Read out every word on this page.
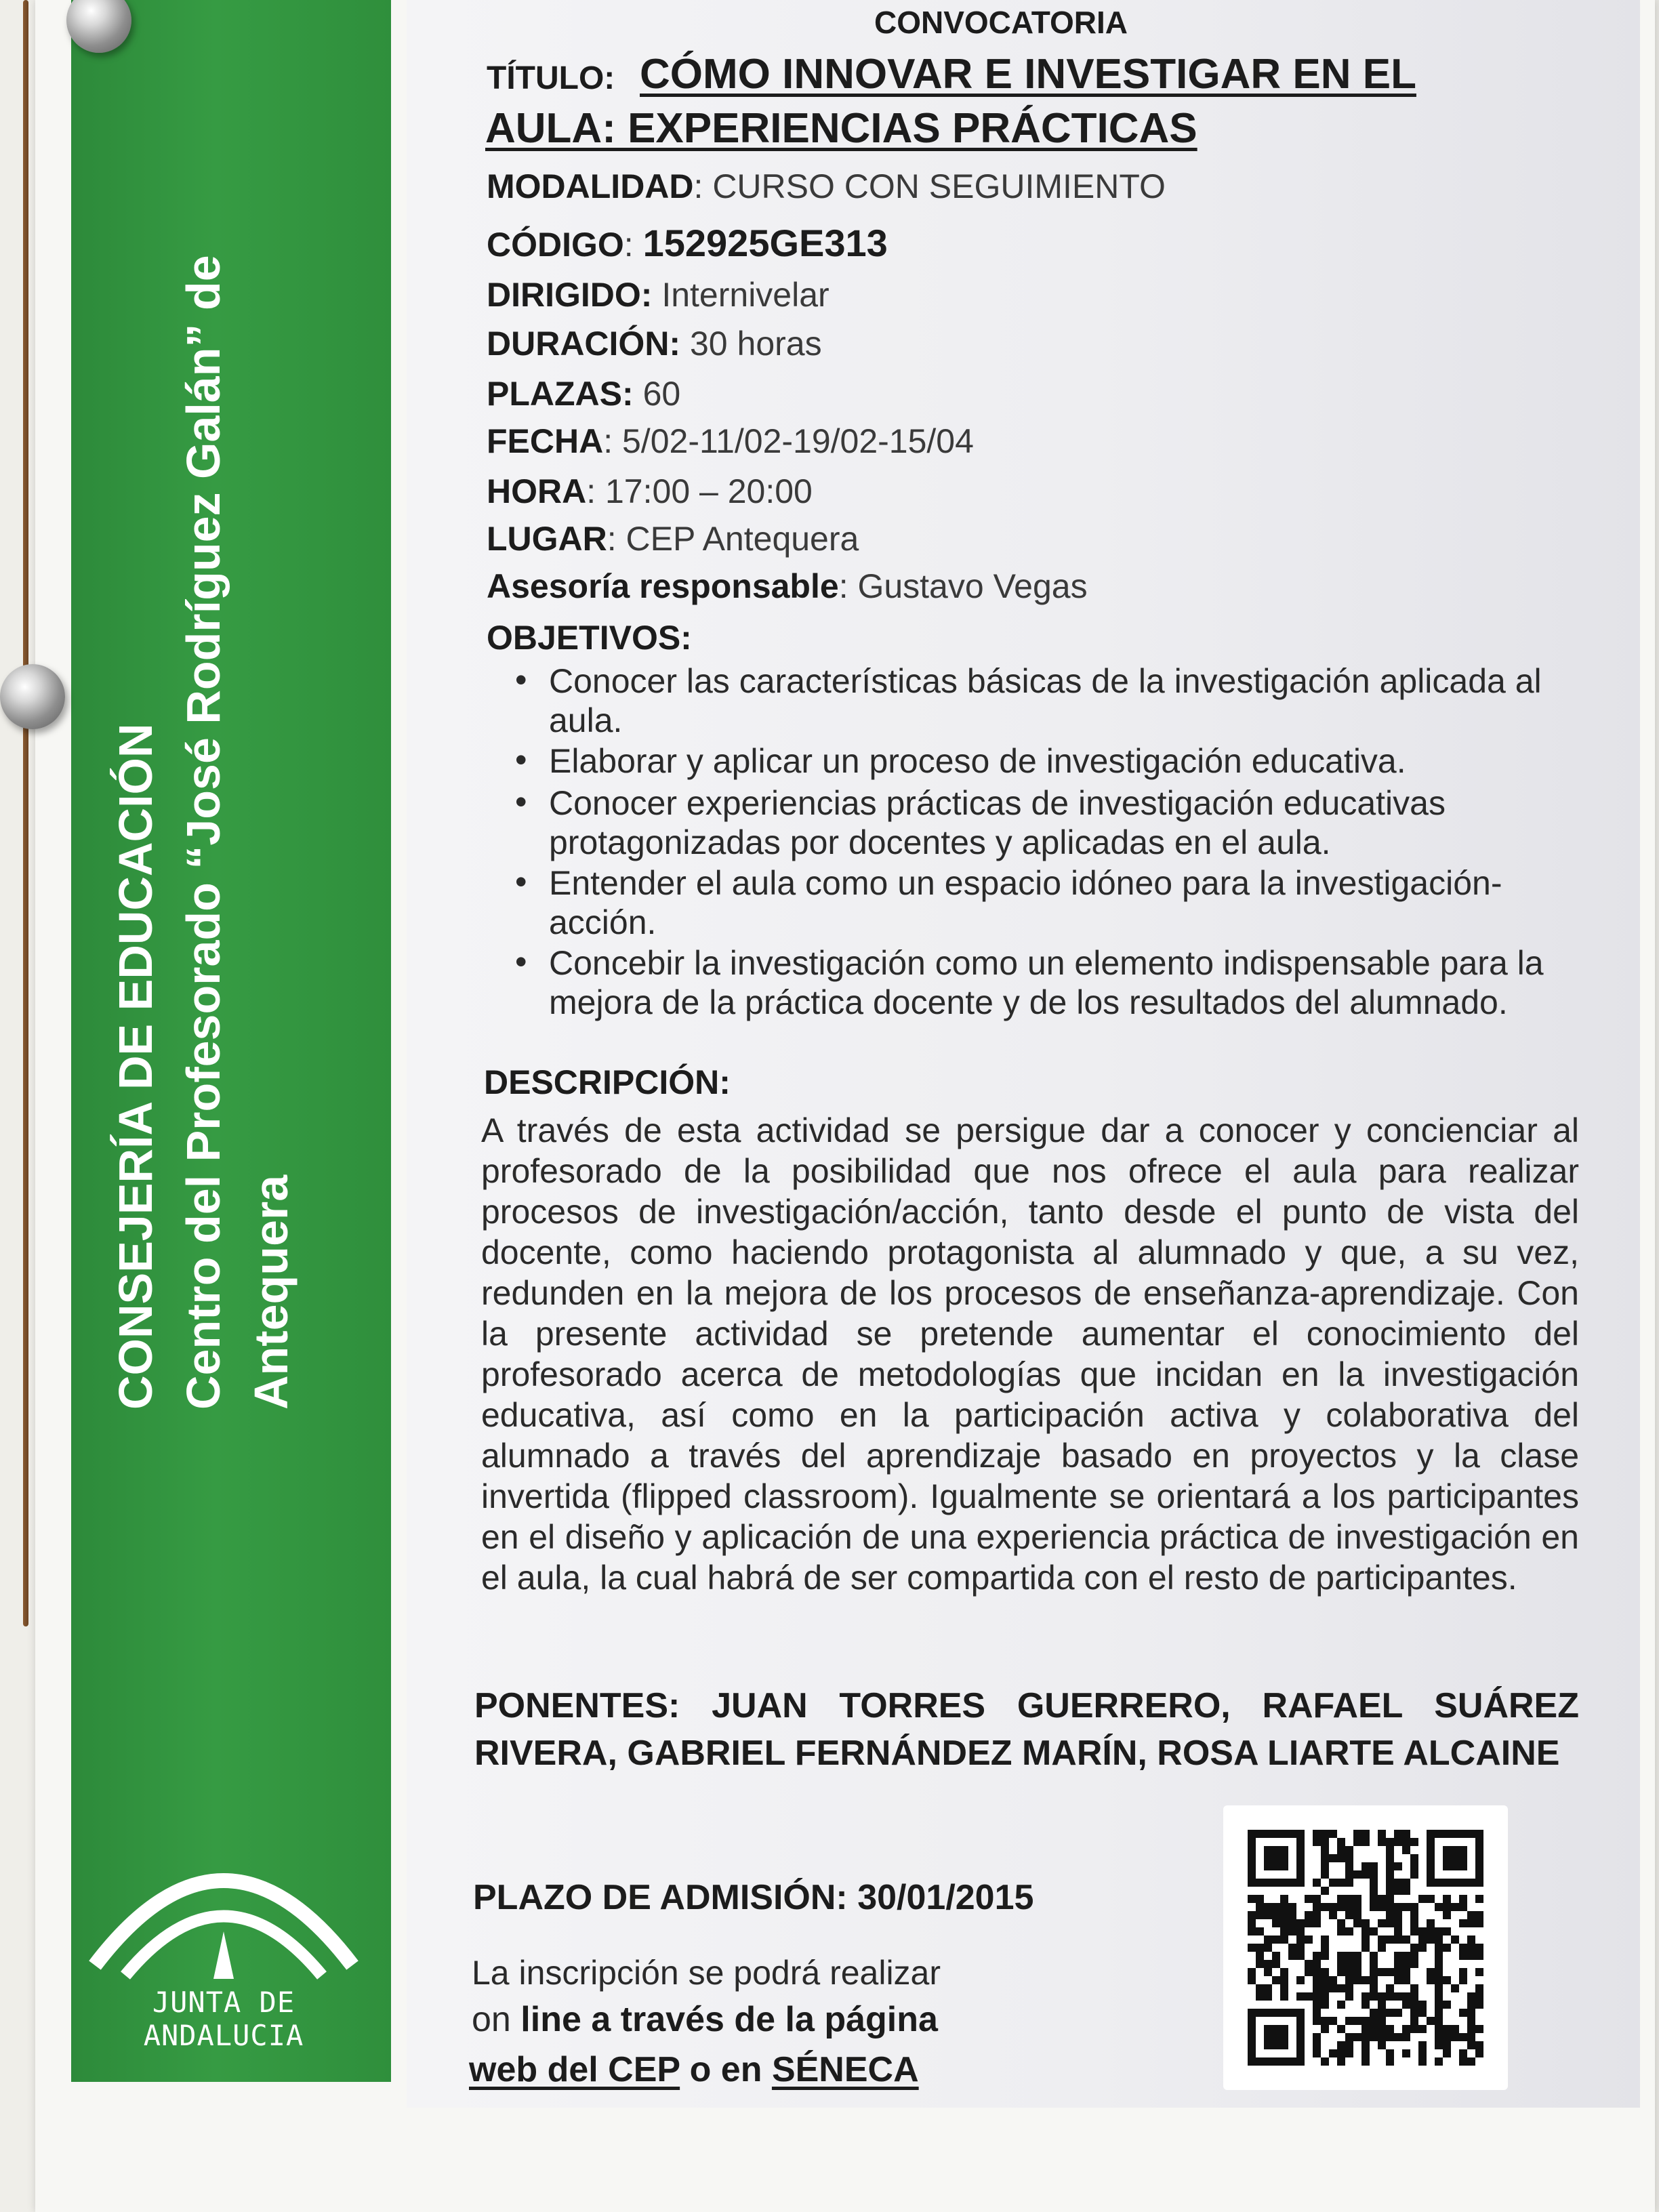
CONSEJERÍA DE EDUCACIÓN Centro del Profesorado “José Rodríguez Galán” de Antequera
JUNTA DE ANDALUCIA
CONVOCATORIA
TÍTULO: CÓMO INNOVAR E INVESTIGAR EN EL
AULA: EXPERIENCIAS PRÁCTICAS
MODALIDAD: CURSO CON SEGUIMIENTO
CÓDIGO: 152925GE313
DIRIGIDO: Internivelar
DURACIÓN: 30 horas
PLAZAS: 60
FECHA: 5/02-11/02-19/02-15/04
HORA: 17:00 – 20:00
LUGAR: CEP Antequera
Asesoría responsable: Gustavo Vegas
OBJETIVOS:
• Conocer las características básicas de la investigación aplicada al aula.
• Elaborar y aplicar un proceso de investigación educativa.
• Conocer experiencias prácticas de investigación educativas protagonizadas por docentes y aplicadas en el aula.
• Entender el aula como un espacio idóneo para la investigación-acción.
• Concebir la investigación como un elemento indispensable para la mejora de la práctica docente y de los resultados del alumnado.
DESCRIPCIÓN:
A través de esta actividad se persigue dar a conocer y concienciar al profesorado de la posibilidad que nos ofrece el aula para realizar procesos de investigación/acción, tanto desde el punto de vista del docente, como haciendo protagonista al alumnado y que, a su vez, redunden en la mejora de los procesos de enseñanza-aprendizaje. Con la presente actividad se pretende aumentar el conocimiento del profesorado acerca de metodologías que incidan en la investigación educativa, así como en la participación activa y colaborativa del alumnado a través del aprendizaje basado en proyectos y la clase invertida (flipped classroom). Igualmente se orientará a los participantes en el diseño y aplicación de una experiencia práctica de investigación en el aula, la cual habrá de ser compartida con el resto de participantes.
PONENTES: JUAN TORRES GUERRERO, RAFAEL SUÁREZ RIVERA, GABRIEL FERNÁNDEZ MARÍN, ROSA LIARTE ALCAINE
PLAZO DE ADMISIÓN: 30/01/2015
La inscripción se podrá realizar
on line a través de la página
web del CEP o en SÉNECA
